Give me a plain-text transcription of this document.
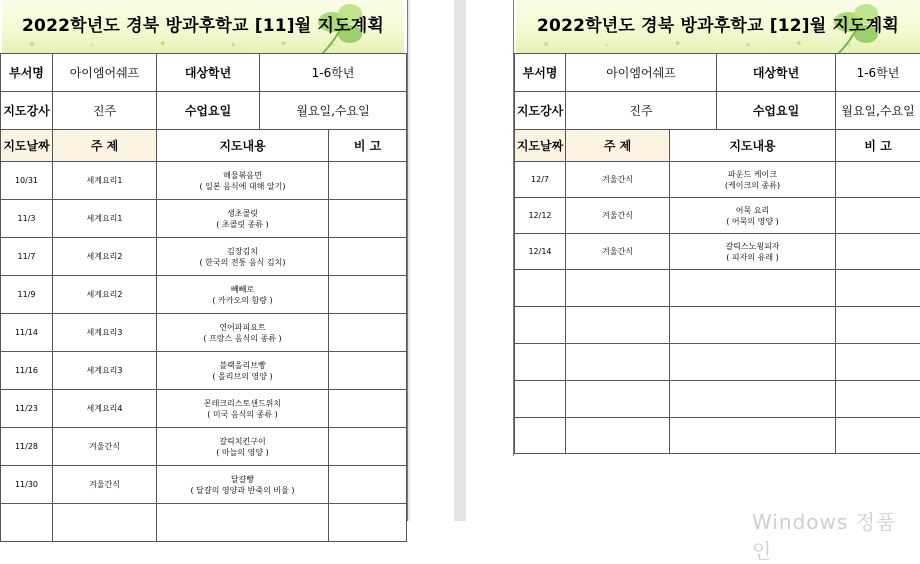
2022학년도 경북 방과후학교 [11]월 지도계획
부서명	아이엠어쉐프	대상학년	1-6학년	
지도강사	진주	수업요일	월요일,수요일	
지도날짜	주 제	지도내용		비 고
10/31	세계요리1	해물볶음면
( 일본 음식에 대해 알기)		

11/3	세계요리1	생초콜릿
( 초콜릿 종류 )		

11/7	세계요리2	김장김치
( 한국의 전통 음식 김치)		

11/9	세계요리2	빼빼로
( 카카오의 함량 )		

11/14	세계요리3	연어파피요트
( 프랑스 음식의 종류 )		

11/16	세계요리3	블랙올리브빵
( 올리브의 영양 )		

11/23	세계요리4	몬테크리스토샌드위치
( 미국 음식의 종류 )		

11/28	겨울간식	갈릭치킨구이
( 마늘의 영양 )		

11/30	겨울간식	달걀빵
( 달걀의 영양과 반죽의 비율 )		

2022학년도 경북 방과후학교 [12]월 지도계획
부서명	아이엠어쉐프		대상학년	1-6학년
지도강사	진주		수업요일	월요일,수요일
지도날짜	주 제	지도내용		비 고
12/7	겨울간식	파운드 케이크
(케이크의 종류)		

12/12	겨울간식	어묵 요리
( 어묵의 영양 )		

12/14	겨울간식	갈릭스노윙피자
( 피자의 유래 )		

Windows 정품 인
